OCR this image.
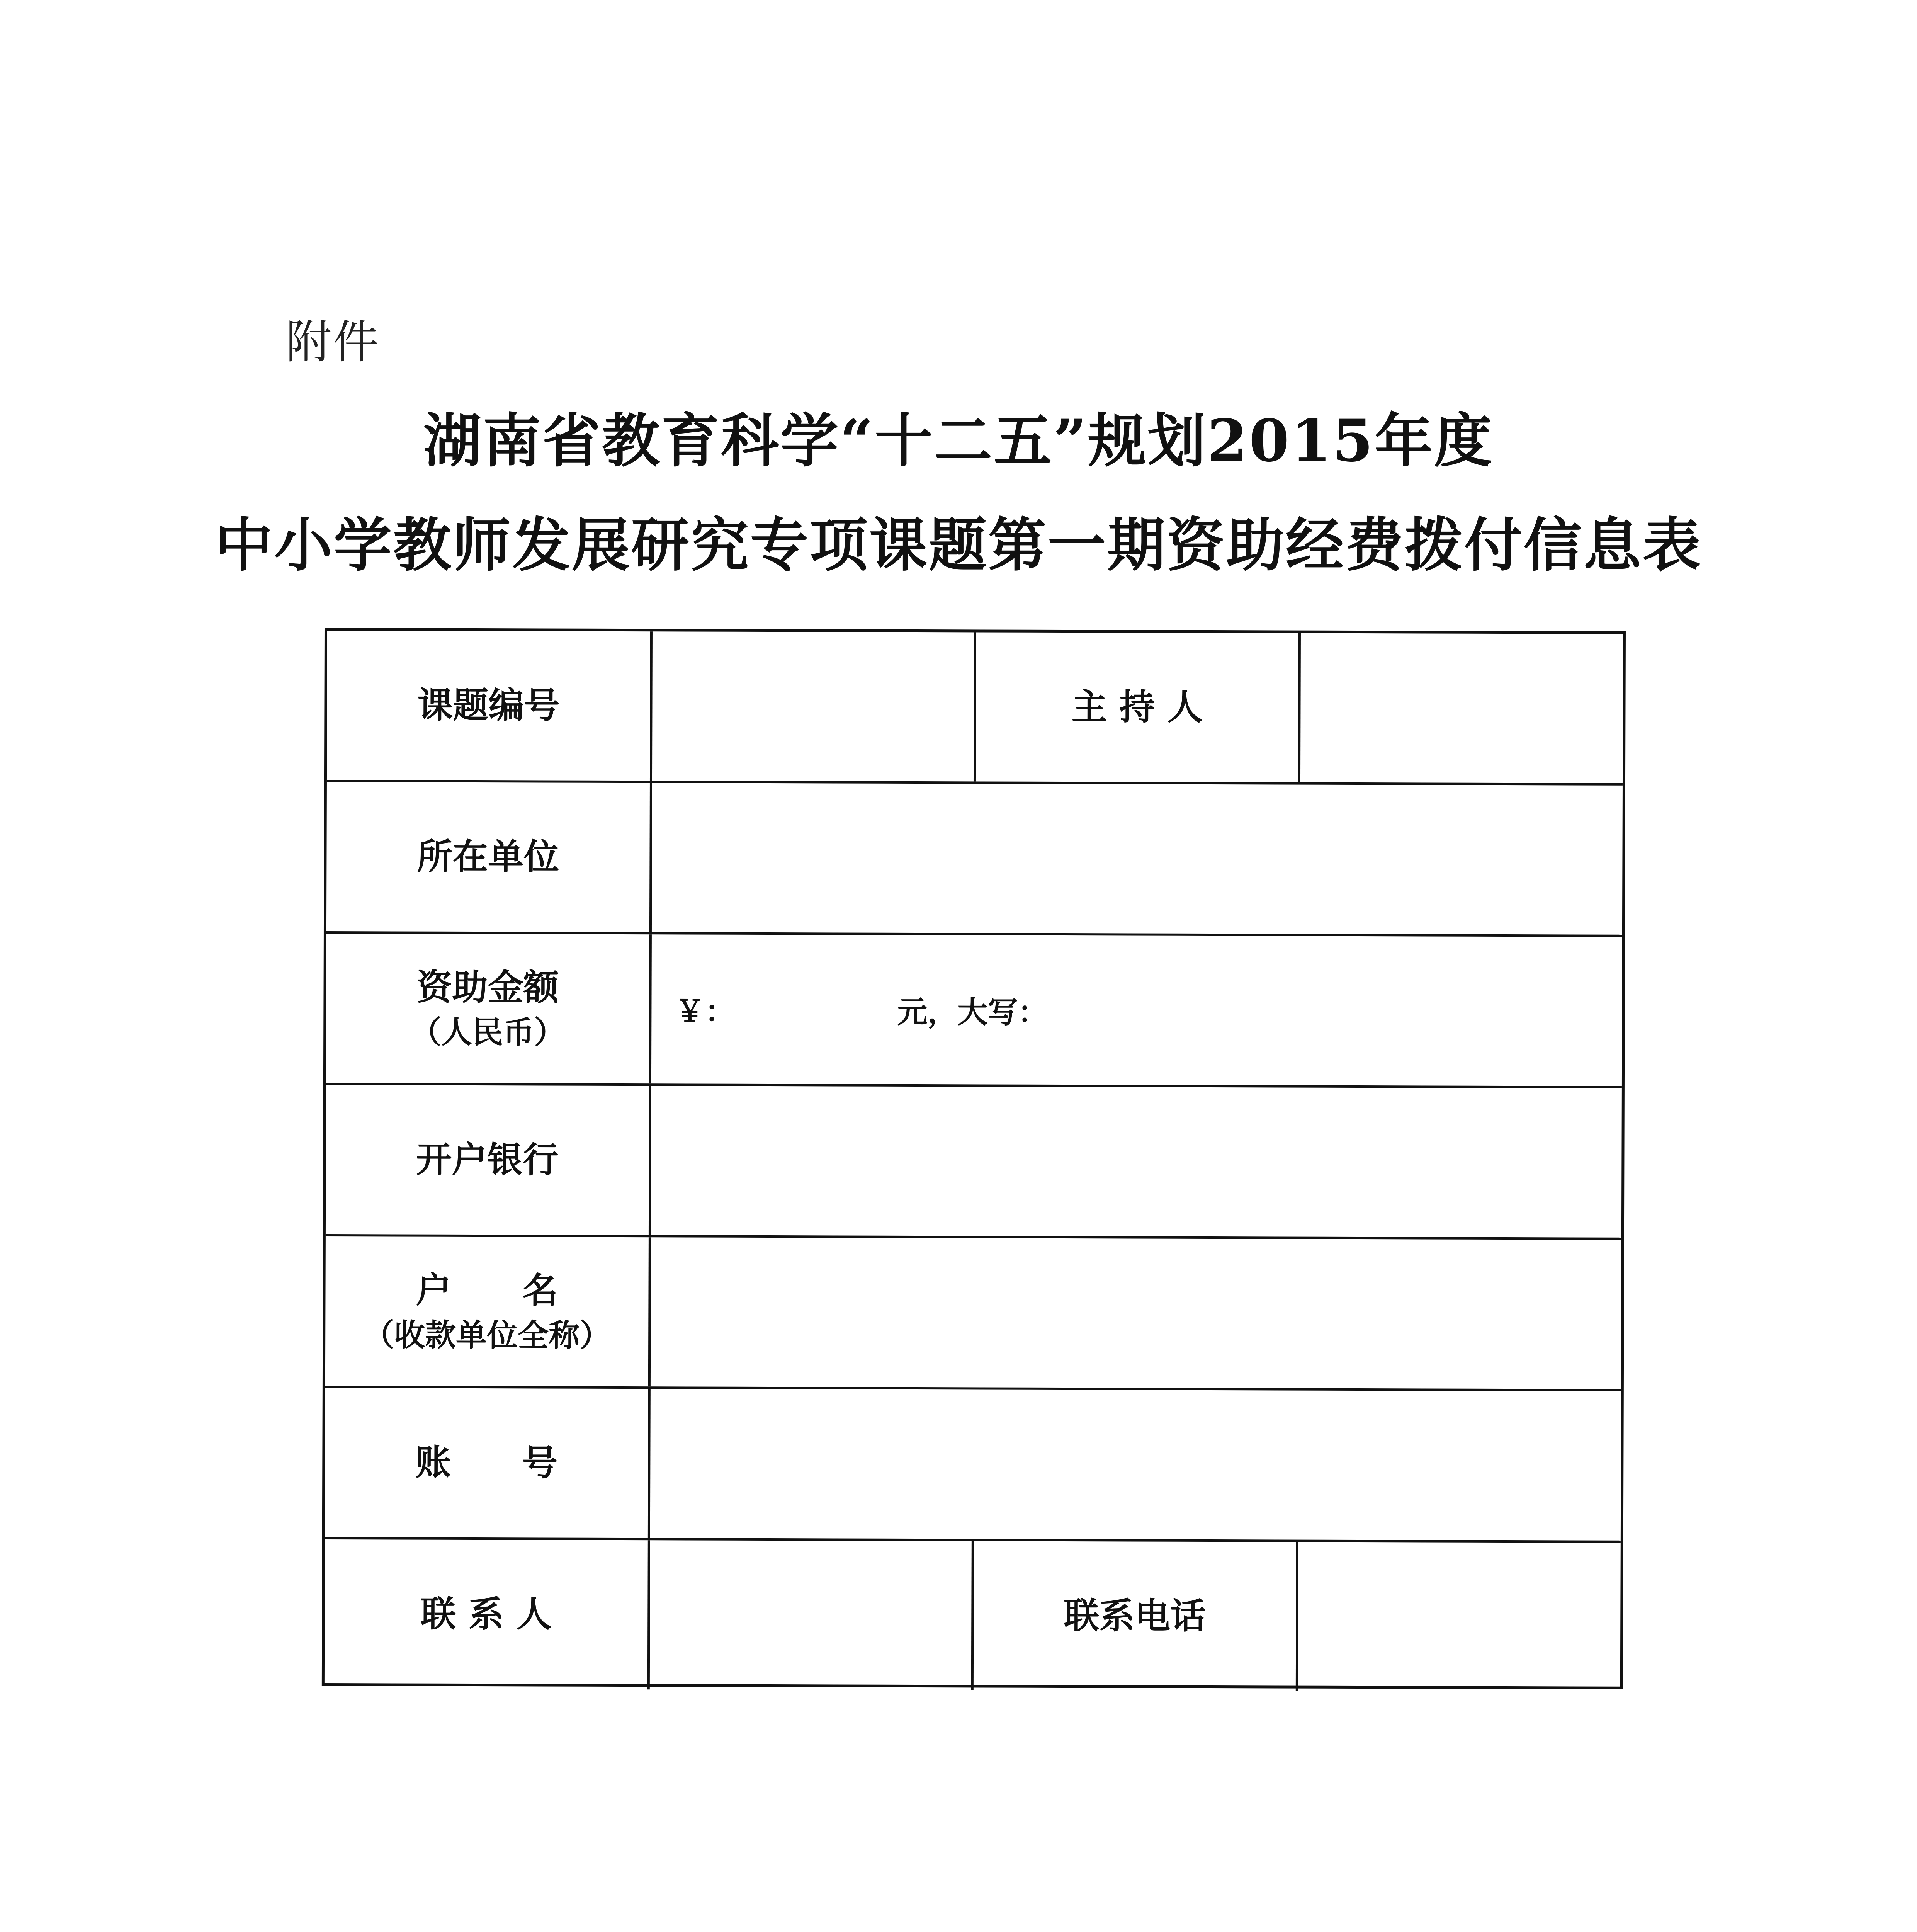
附件
湖南省教育科学“十二五”规划2015年度
中小学教师发展研究专项课题第一期资助经费拨付信息表
课题编号	主 持 人
所在单位
资助金额
（人民币）
￥：	元，大写：
开户银行
户　　名
（收款单位全称）
账　　号
联 系 人	联系电话
